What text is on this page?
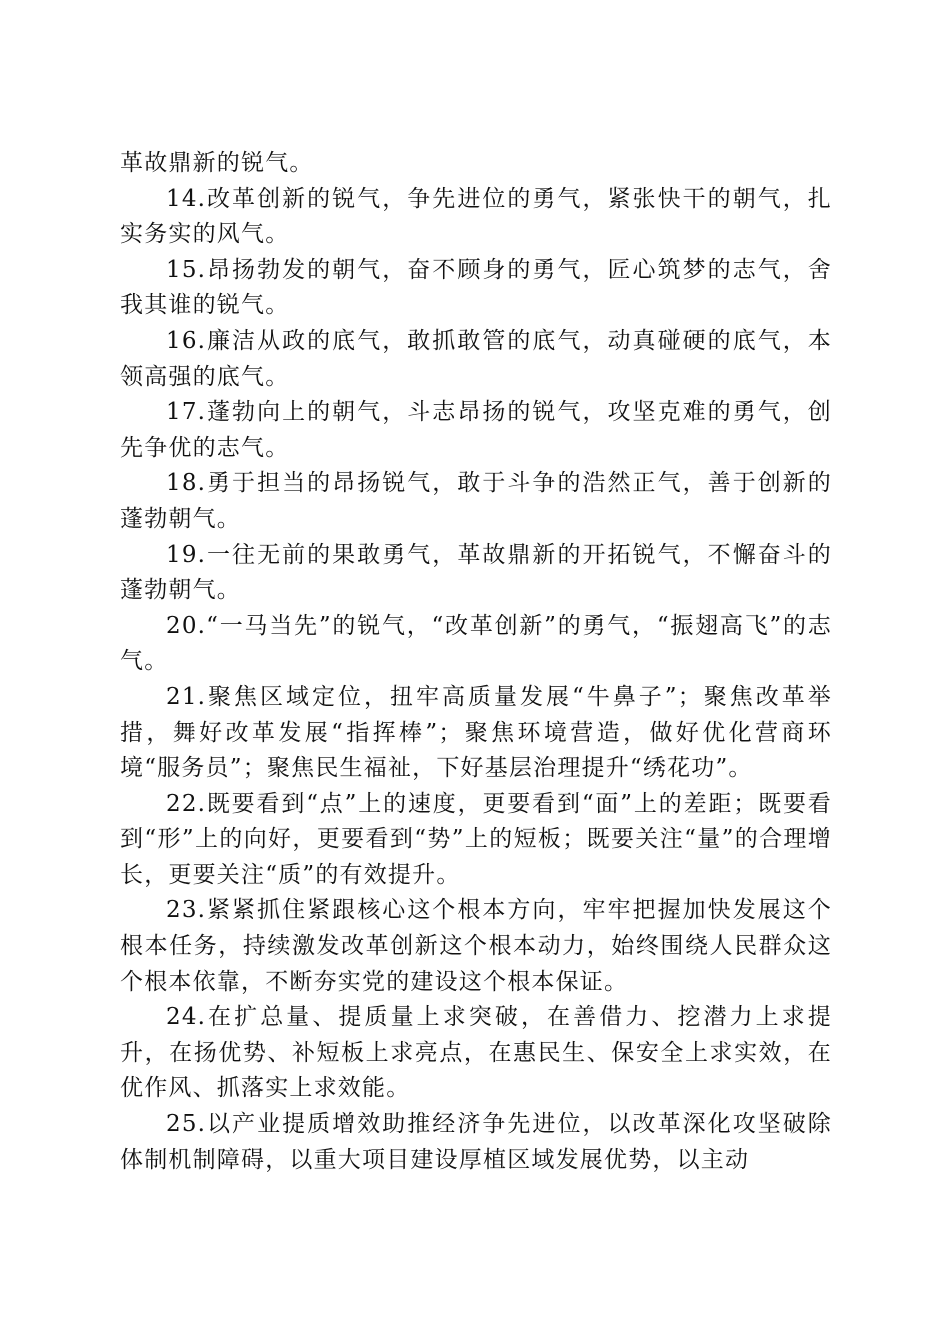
革故鼎新的锐气。

14.改革创新的锐气，争先进位的勇气，紧张快干的朝气，扎实务实的风气。

15.昂扬勃发的朝气，奋不顾身的勇气，匠心筑梦的志气，舍我其谁的锐气。

16.廉洁从政的底气，敢抓敢管的底气，动真碰硬的底气，本领高强的底气。

17.蓬勃向上的朝气，斗志昂扬的锐气，攻坚克难的勇气，创先争优的志气。

18.勇于担当的昂扬锐气，敢于斗争的浩然正气，善于创新的蓬勃朝气。

19.一往无前的果敢勇气，革故鼎新的开拓锐气，不懈奋斗的蓬勃朝气。

20.“一马当先”的锐气，“改革创新”的勇气，“振翅高飞”的志气。

21.聚焦区域定位，扭牢高质量发展“牛鼻子”；聚焦改革举措，舞好改革发展“指挥棒”；聚焦环境营造，做好优化营商环境“服务员”；聚焦民生福祉，下好基层治理提升“绣花功”。

22.既要看到“点”上的速度，更要看到“面”上的差距；既要看到“形”上的向好，更要看到“势”上的短板；既要关注“量”的合理增长，更要关注“质”的有效提升。

23.紧紧抓住紧跟核心这个根本方向，牢牢把握加快发展这个根本任务，持续激发改革创新这个根本动力，始终围绕人民群众这个根本依靠，不断夯实党的建设这个根本保证。

24.在扩总量、提质量上求突破，在善借力、挖潜力上求提升，在扬优势、补短板上求亮点，在惠民生、保安全上求实效，在优作风、抓落实上求效能。

25.以产业提质增效助推经济争先进位，以改革深化攻坚破除体制机制障碍，以重大项目建设厚植区域发展优势，以主动
